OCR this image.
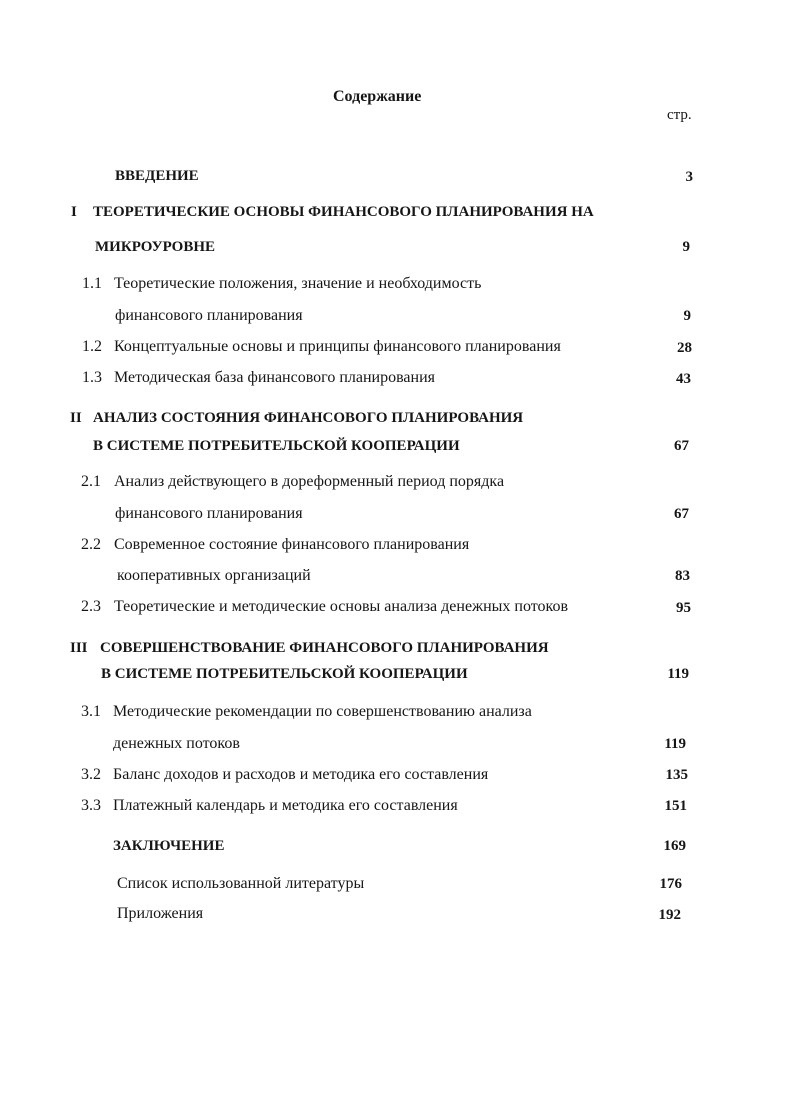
Содержание
стр.
ВВЕДЕНИЕ	3
I ТЕОРЕТИЧЕСКИЕ ОСНОВЫ ФИНАНСОВОГО ПЛАНИРОВАНИЯ НА
МИКРОУРОВНЕ	9
1.1 Теоретические положения, значение и необходимость
финансового планирования	9
1.2 Концептуальные основы и принципы финансового планирования	28
1.3 Методическая база финансового планирования	43
II АНАЛИЗ СОСТОЯНИЯ ФИНАНСОВОГО ПЛАНИРОВАНИЯ
В СИСТЕМЕ ПОТРЕБИТЕЛЬСКОЙ КООПЕРАЦИИ	67
2.1 Анализ действующего в дореформенный период порядка
финансового планирования	67
2.2 Современное состояние финансового планирования
кооперативных организаций	83
2.3 Теоретические и методические основы анализа денежных потоков	95
III СОВЕРШЕНСТВОВАНИЕ ФИНАНСОВОГО ПЛАНИРОВАНИЯ
В СИСТЕМЕ ПОТРЕБИТЕЛЬСКОЙ КООПЕРАЦИИ	119
3.1 Методические рекомендации по совершенствованию анализа
денежных потоков	119
3.2 Баланс доходов и расходов и методика его составления	135
3.3 Платежный календарь и методика его составления	151
ЗАКЛЮЧЕНИЕ	169
Список использованной литературы	176
Приложения	192
